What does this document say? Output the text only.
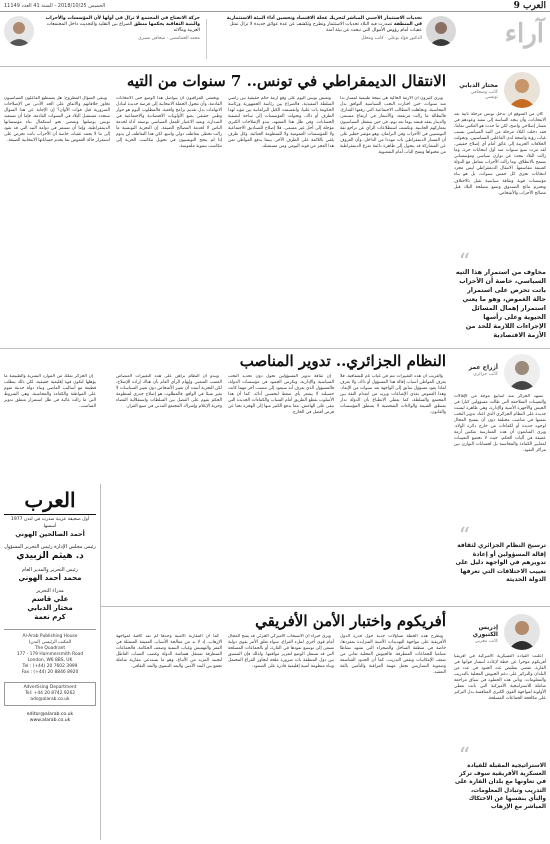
العرب 9
الخميس 2018/10/25 - السنة 41 العدد 11149
آراء
تحديات الاستثمار الأجنبي المباشر لتحريك عجلة الاقتصاد وتحسين أداء البيئة الاستثمارية في المنطقة تصدرت فيه البلاد تحديات الاستثمار وتطرح وتكشف عن عدة عوائق جديدة لا تزال تمثل عقبات أمام رؤوس الأموال التي تبحث عن بيئة آمنة
الدكتور فؤاد بوعلي · كاتب ومحلل
حركة الانفتاح في المجتمع لا تزال في أولها لأن المؤسسات والأحزاب والبنية الثقافية يحكمها منطق الصراع بين التقليد والتحديث داخل المجتمعات العربية ومآلاته
محمد الحمامصي · صحافي مصري
الانتقال الديمقراطي في تونس.. 7 سنوات من التيه مختار الدبابي
كاتب وصحافي تونسي

كان من المتوقع أن تدخل تونس مرحلة ثانية بعد الانتخابات، وأن يتجه الساسة إلى تنفيذ وعودهم في مسار إصلاحي واضح، لكن ما حدث هو العكس تماما، فقد دخلت البلاد مرحلة من التيه السياسي بسبب غياب رؤية واضحة لدى الفاعلين السياسيين، وتحولت الخلافات الحزبية إلى عائق أمام أي إصلاح حقيقي. لقد مرت سبع سنوات منذ أول انتخابات حرة، وما زالت البلاد تبحث عن توازن سياسي ومؤسساتي يسمح بالانطلاق، وما زالت الأحزاب تتعامل مع الدولة كغنيمة تتقاسمها. الانتقال الديمقراطي ليس مجرد انتخابات تجرى كل خمس سنوات، بل هو بناء مؤسسات قوية وثقافة سياسية تقبل بالاختلاف وتحترم نتائج الصندوق وتضع مصلحة البلاد قبل مصالح الأحزاب والأشخاص.

“
مخاوف من استمرار هذا التيه السياسي، خاصة أن الأحزاب باتت تحرص على استمرار حالة الغموض، وهو ما يعني استمرار إهمال المسائل الحيوية وعلى رأسها الإجراءات اللازمة للحد من الأزمة الاقتصادية

ويرى كثيرون أن الأزمة الحالية هي نتيجة طبيعية لمسار بدأ منذ سنوات، حين اختارت النخب السياسية التوافق بدل المحاسبة، وتجاهلت المطالب الاجتماعية التي رفعها الشارع. فالبطالة ما زالت مرتفعة، والأسعار في ارتفاع مستمر، والدينار يفقد قيمته يوما بعد يوم، في حين ينشغل السياسيون بمعاركهم الجانبية. وتكشف استطلاعات الرأي عن تراجع ثقة التونسيين في الأحزاب وفي البرلمان، وهو مؤشر خطير على أن المسار الديمقراطي بات مهددا من الداخل، وأن العزوف عن المشاركة قد يتحول إلى ظاهرة دائمة تفرغ الديمقراطية من محتواها وتفتح الباب أمام الشعبوية.

وتعيش تونس اليوم على وقع أزمة حكم حقيقية بين رأسي السلطة التنفيذية، فالصراع بين رئاسة الجمهورية ورئاسة الحكومة بات علنيا، وانقسمت الكتل البرلمانية بين مؤيد لهذا الطرف أو ذاك، وتحولت المؤسسات إلى ساحة لتصفية الحسابات. وفي ظل هذا المشهد، تبدو الإصلاحات الكبرى مؤجلة إلى أجل غير مسمى، فلا إصلاح للصناديق الاجتماعية ولا للمؤسسات العمومية ولا للمنظومة الجبائية، وكل طرف يلقي باللائمة على الطرف الآخر، بينما يدفع المواطن ثمن هذا العجز من قوته اليومي ومن مستقبله.

ويخشى المراقبون أن يتواصل هذا الوضع حتى الانتخابات القادمة، وأن تتحول الحملة الانتخابية إلى فرصة جديدة لتبادل الاتهامات بدل تقديم برامج واقعية. فالمطلوب اليوم هو حوار وطني حقيقي يضع الأولويات الاقتصادية والاجتماعية في الصدارة، ويعيد الاعتبار للعمل السياسي بوصفه أداة لخدمة الناس لا لخدمة المصالح الضيقة. إن التجربة التونسية ما زالت تحظى بتعاطف دولي واسع، لكن هذا التعاطف لن يدوم إذا لم ينجح التونسيون في تحويل مكاسب الحرية إلى مكاسب تنموية ملموسة.

ويبقى السؤال المطروح: هل يستطيع الفاعلون السياسيون تجاوز خلافاتهم والاتفاق على الحد الأدنى من الإصلاحات الضرورية قبل فوات الأوان؟ إن الإجابة عن هذا السؤال ستحدد مستقبل البلاد في السنوات القادمة، فإما أن تستعيد تونس بوصلتها وتمضي نحو استكمال بناء مؤسساتها الديمقراطية، وإما أن تستمر في دوامة التيه التي قد تقود إلى ما لا يحمد عقباه، خاصة أن الأحزاب باتت تحرص على استمرار حالة الغموض بما يخدم حساباتها الانتخابية الضيقة.

النظام الجزائري.. تدوير المناصب	أزراج عمر
كاتب جزائري

تشهد الجزائر منذ أسابيع موجة من الإقالات والتعيينات المتلاحقة التي طالت مسؤولين كبارا في الجيش والأجهزة الأمنية والإدارة، وهي ظاهرة ليست جديدة على النظام الجزائري الذي اعتاد تدوير النخب نفسها في مناصب مختلفة دون أن يفسح المجال لوجوه جديدة أو لكفاءات من خارج دائرة الولاء. ويرى المتابعون أن هذه الممارسة تعكس أزمة عميقة في آليات الحكم، حيث لا تخضع التعيينات لمعايير الكفاءة والمحاسبة بل لحسابات التوازن بين مراكز النفوذ.

“
ترسيخ النظام الجزائري لثقافة إقالة المسؤولين أو إعادة تدويرهم في الواجهة دليل على تغييب الاختلافات التي تعرفها الدولة الحديثة

والغريب أن هذه التغييرات تتم في غياب تام للشفافية، فلا يعرف المواطن أسباب إقالة هذا المسؤول أو ذاك، ولا يعرف لماذا يعود مسؤول سابق إلى الواجهة بعد سنوات من الإبعاد. وهذا الغموض يغذي الإشاعات ويزيد من انعدام الثقة بين المجتمع والسلطة، كما يعطي الانطباع بأن الدولة تدار بمنطق الغنيمة والولاءات الشخصية لا بمنطق المؤسسات والقانون.

إن ثقافة تدوير المسؤولين تحول دون تجديد النخب السياسية والإدارية، وتكرس الجمود في مؤسسات الدولة، فالمسؤول الذي يعرف أنه سيعود إلى منصب آخر مهما كانت حصيلته لا يشعر بأي ضغط لتحسين أدائه. كما أن هذا الأسلوب يقطع الطريق أمام الشباب والكفاءات الجديدة التي تبقى على الهامش، مما يدفع الكثير منها إلى الهجرة بحثا عن فرص أفضل في الخارج.

ويبدو أن النظام يراهن على هذه التغييرات لامتصاص الغضب الشعبي وإيهام الرأي العام بأن هناك إرادة للإصلاح، لكن التجربة أثبتت أن تغيير الأشخاص دون تغيير السياسات لا يغير شيئا في الواقع. فالمطلوب هو إصلاح جذري لمنظومة الحكم يقوم على الفصل بين السلطات واستقلالية القضاء وحرية الإعلام وإشراك المجتمع المدني في صنع القرار.

إن الجزائر تملك من الموارد البشرية والطبيعية ما يؤهلها لتكون قوة إقليمية حقيقية، لكن ذلك يتطلب قطيعة مع أساليب الماضي وبناء دولة حديثة تقوم على المواطنة والكفاءة والمحاسبة، وهي الشروط التي ما زالت غائبة في ظل استمرار منطق تدوير المناصب.

أفريكوم واختبار الأمن الأفريقي	إدريس الكنبوري
كاتب مغربي

أعلنت القيادة العسكرية الأميركية في أفريقيا أفريكوم مؤخرا عن خطة لإعادة انتشار قواتها في القارة، تقضي بتقليص عدد الجنود في عدد من البلدان والتركيز على دعم الجيوش المحلية بالتدريب والمعلومات. وتأتي هذه الخطوة في سياق مراجعة شاملة للاستراتيجية الأميركية التي باتت تعطي الأولوية لمواجهة القوى الكبرى المنافسة بدل التركيز على مكافحة الجماعات المسلحة.

“
الاستراتيجية المقبلة للقيادة العسكرية الأفريقية سوف تركز في تعاونها مع بلدان القارة على التدريب وتبادل المعلومات، والنأي بنفسها عن الاحتكاك المباشر مع الإرهاب

وتطرح هذه الخطة تساؤلات جدية حول قدرة الدول الأفريقية على مواجهة التهديدات الأمنية المتزايدة بمفردها، خاصة في منطقة الساحل والصحراء التي تشهد نشاطا متناميا للجماعات المتطرفة. فالجيوش المحلية تعاني من ضعف الإمكانيات ونقص التدريب، كما أن الحدود الشاسعة وصعوبة التضاريس تجعل مهمة المراقبة والتأمين بالغة التعقيد.

ويرى خبراء أن الانسحاب الأميركي الجزئي قد يفتح المجال أمام قوى أخرى لملء الفراغ، سواء تعلق الأمر بقوى دولية تسعى إلى توسيع نفوذها في القارة، أو بالجماعات المسلحة التي قد تستغل الوضع لتعزيز مواقعها. ولذلك فإن التنسيق بين دول المنطقة بات ضرورة ملحة لتجاوز الفراغ المحتمل وبناء منظومة أمنية إقليمية قادرة على الصمود.

كما أن المقاربة الأمنية وحدها لم تعد كافية لمواجهة الإرهاب، إذ لا بد من معالجة الأسباب العميقة المتمثلة في الفقر والتهميش وغياب التنمية وضعف الحكامة. فالجماعات المتطرفة تستغل هشاشة الدولة وغضب الشباب العاطل لتجنيد المزيد من الأتباع، وهو ما يستدعي مقاربة شاملة تجمع بين البعد الأمني والبعد التنموي والبعد الثقافي.

العرب
أول صحيفة عربية صدرت في لندن 1977
أسسها
أحمد الصالحين الهوني
رئيس مجلس الإدارة رئيس التحرير المسؤول
د. هيثم الزبيدي
رئيس التحرير والمدير العام
محمد أحمد الهوني
مدراء التحرير
علي قاسم
مختار الدبابي
كرم نعمة
Al-Arab Publishing House
المكتب الرئيسي (لندن)
The Quadrant
177 - 179 Hammersmith Road
London, W6 8BS, UK
Tel : (+44) 20 7602 3999
Fax : (+44) 20 8846 8920
Advertising Department
Tel: +44 20 8742 9262
ads@alarab.co.uk
editor@alarab.co.uk
www.alarab.co.uk
